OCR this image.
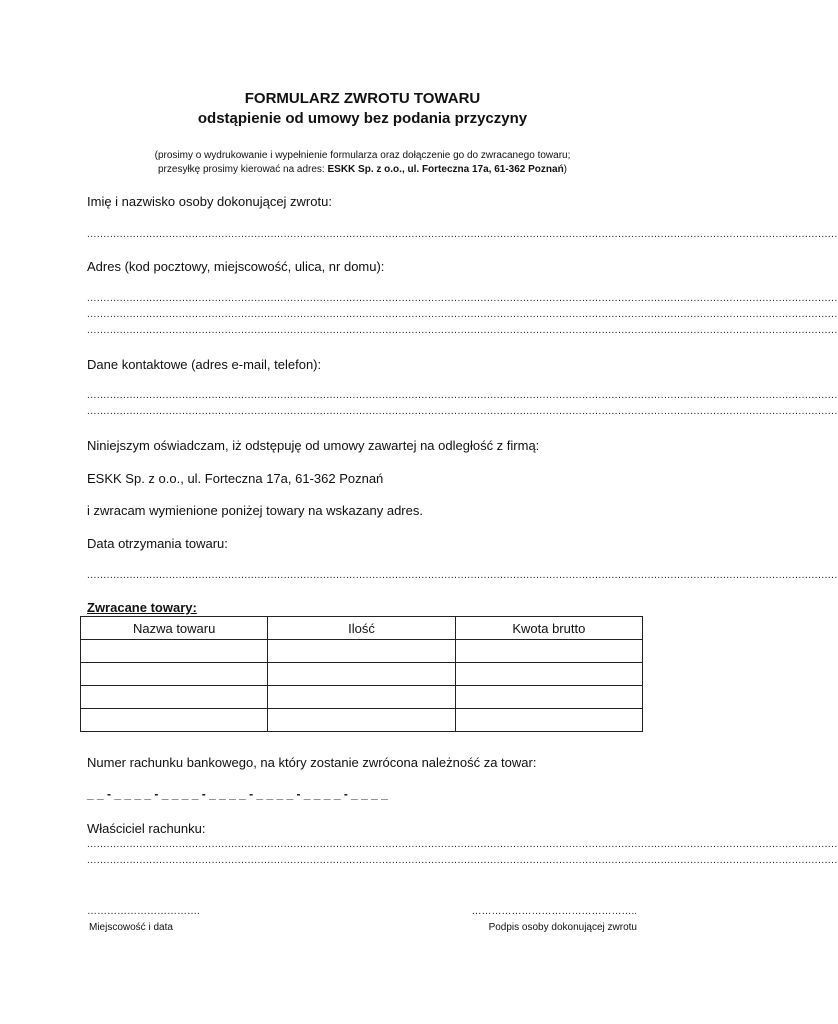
FORMULARZ ZWROTU TOWARU
odstąpienie od umowy bez podania przyczyny
(prosimy o wydrukowanie i wypełnienie formularza oraz dołączenie go do zwracanego towaru;
przesyłkę prosimy kierować na adres: ESKK Sp. z o.o., ul. Forteczna 17a, 61-362 Poznań)
Imię i nazwisko osoby dokonującej zwrotu:
.....................................................................................................................................................................................................................................
Adres (kod pocztowy, miejscowość, ulica, nr domu):
.....................................................................................................................................................................................................................................
.....................................................................................................................................................................................................................................
.....................................................................................................................................................................................................................................
Dane kontaktowe (adres e-mail, telefon):
.....................................................................................................................................................................................................................................
.....................................................................................................................................................................................................................................
Niniejszym oświadczam, iż odstępuję od umowy zawartej na odległość z firmą:
ESKK Sp. z o.o., ul. Forteczna 17a, 61-362 Poznań
i zwracam wymienione poniżej towary na wskazany adres.
Data otrzymania towaru:
.....................................................................................................................................................................................................................................
Zwracane towary:
Nazwa towaru	Ilość	Kwota brutto

Numer rachunku bankowego, na który zostanie zwrócona należność za towar:
_ _ - _ _ _ _ - _ _ _ _ - _ _ _ _ - _ _ _ _ - _ _ _ _ - _ _ _ _
Właściciel rachunku:
.....................................................................................................................................................................................................................................
.....................................................................................................................................................................................................................................
…………………………….
Miejscowość i data
…………………………………………..
Podpis osoby dokonującej zwrotu
